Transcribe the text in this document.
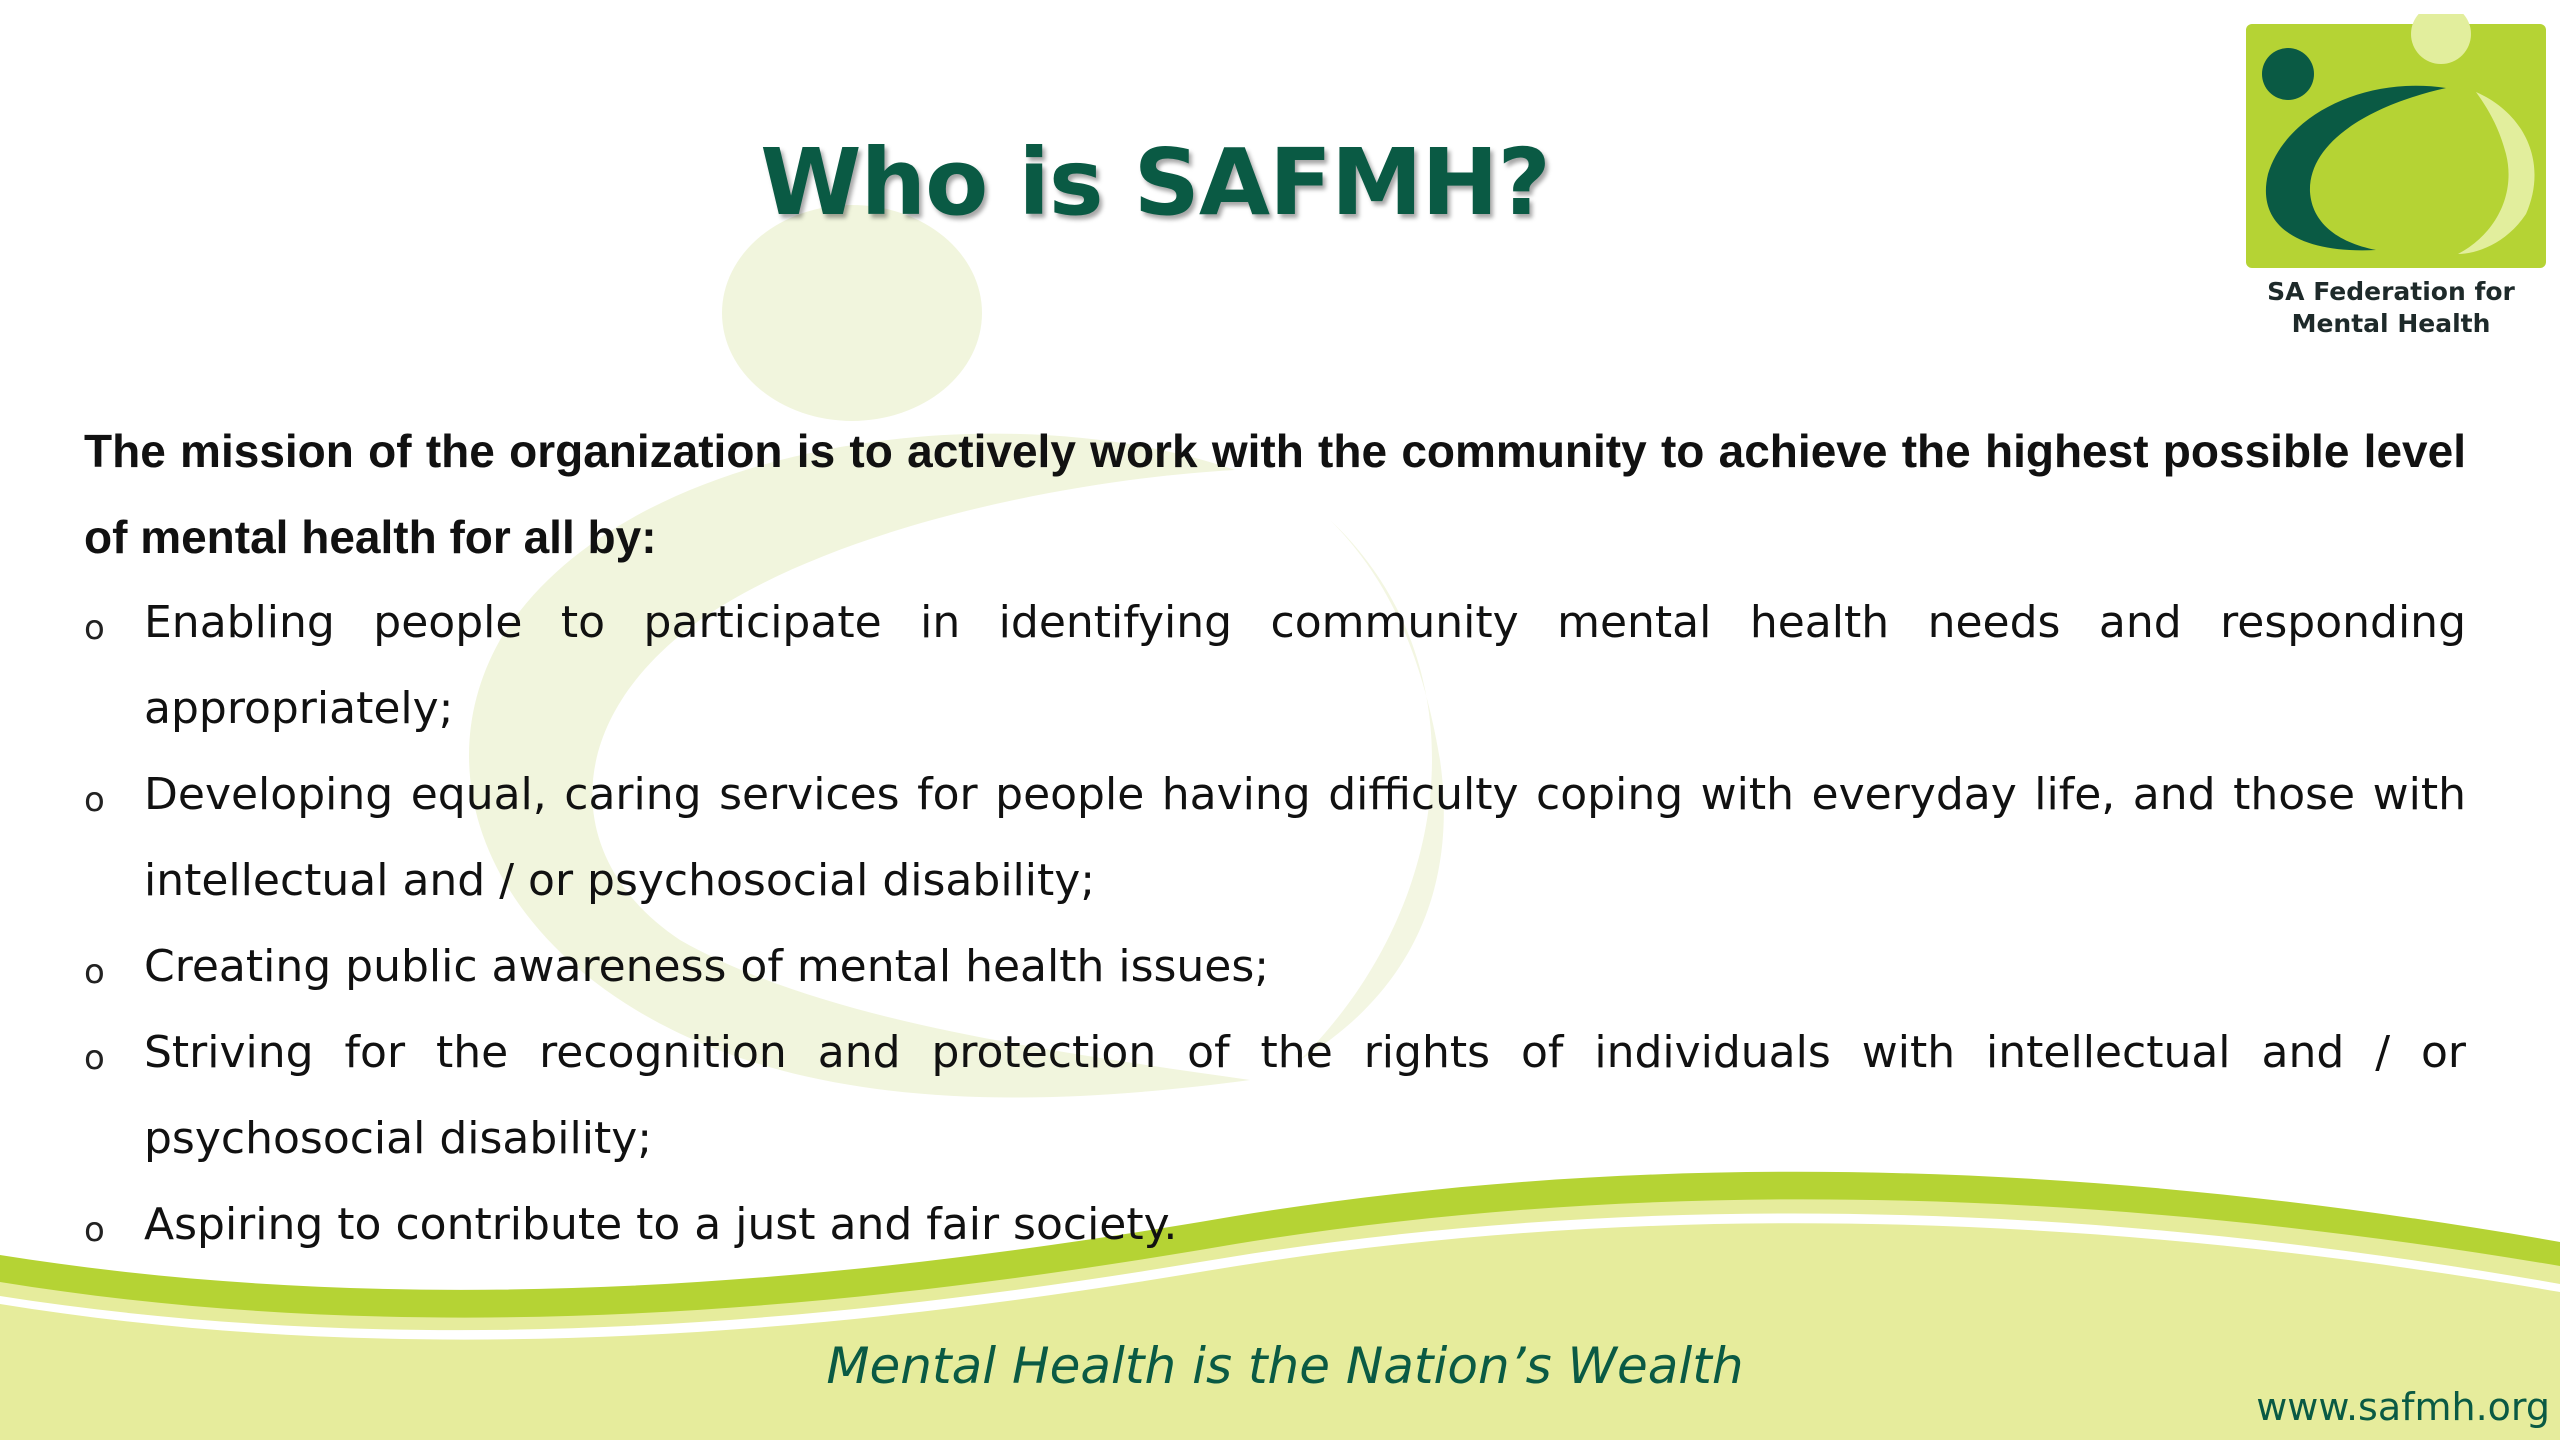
Who is SAFMH?
SA Federation for
Mental Health

The mission of the organization is to actively work with the community to achieve the highest possible level of mental health for all by:

o Enabling people to participate in identifying community mental health needs and responding appropriately;
o Developing equal, caring services for people having difficulty coping with everyday life, and those with intellectual and / or psychosocial disability;
o Creating public awareness of mental health issues;
o Striving for the recognition and protection of the rights of individuals with intellectual and / or psychosocial disability;
o Aspiring to contribute to a just and fair society.
Mental Health is the Nation’s Wealth
www.safmh.org
